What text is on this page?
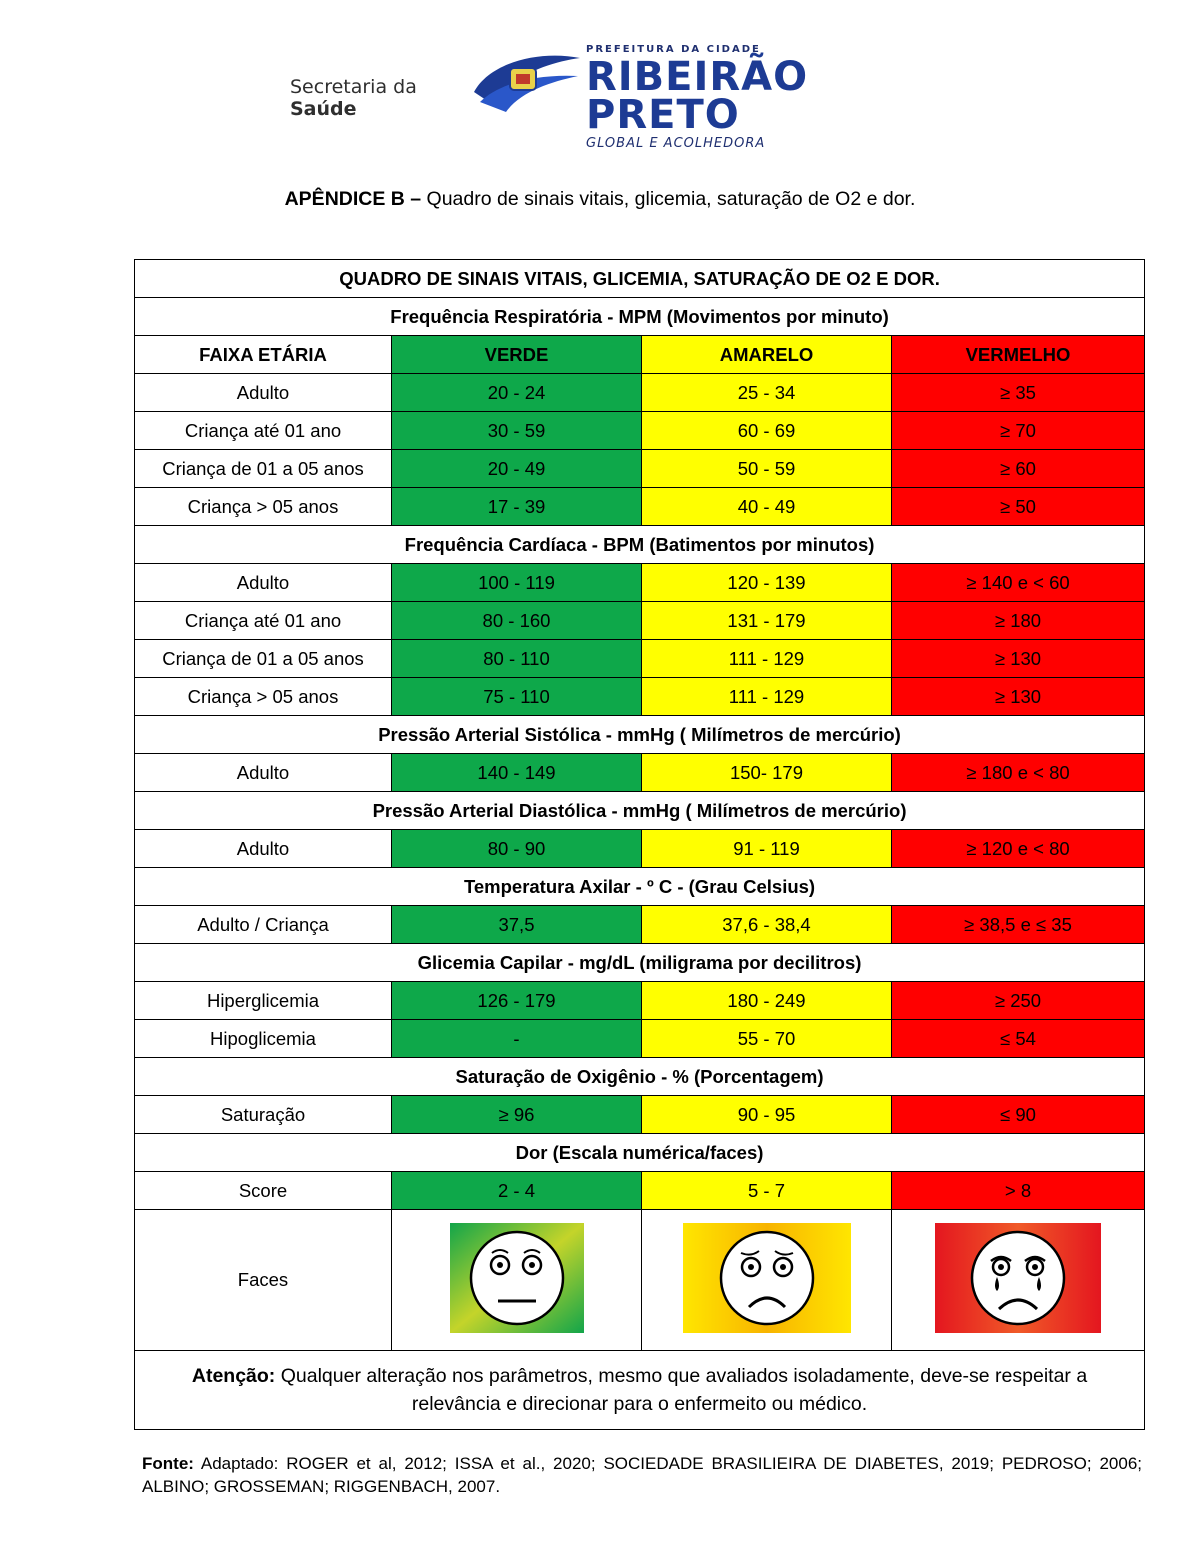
Secretaria da
Saúde
PREFEITURA DA CIDADE
RIBEIRÃO
PRETO
GLOBAL E ACOLHEDORA
APÊNDICE B – Quadro de sinais vitais, glicemia, saturação de O2 e dor.
QUADRO DE SINAIS VITAIS, GLICEMIA, SATURAÇÃO DE O2 E DOR.			
Frequência Respiratória - MPM (Movimentos por minuto)			
FAIXA ETÁRIA	VERDE	AMARELO	VERMELHO
Adulto	20 - 24	25 - 34	≥ 35
Criança até 01 ano	30 - 59	60 - 69	≥ 70
Criança de 01 a 05 anos	20 - 49	50 - 59	≥ 60
Criança > 05 anos	17 - 39	40 - 49	≥ 50
Frequência Cardíaca - BPM (Batimentos por minutos)			
Adulto	100 - 119	120 - 139	≥ 140 e < 60
Criança até 01 ano	80 - 160	131 - 179	≥ 180
Criança de 01 a 05 anos	80 - 110	111 - 129	≥ 130
Criança > 05 anos	75 - 110	111 - 129	≥ 130
Pressão Arterial Sistólica - mmHg ( Milímetros de mercúrio)			
Adulto	140 - 149	150- 179	≥ 180 e < 80
Pressão Arterial Diastólica - mmHg ( Milímetros de mercúrio)			
Adulto	80 - 90	91 - 119	≥ 120 e < 80
Temperatura Axilar - º C - (Grau Celsius)			
Adulto / Criança	37,5	37,6 - 38,4	≥ 38,5 e ≤ 35
Glicemia Capilar - mg/dL (miligrama por decilitros)			
Hiperglicemia	126 - 179	180 - 249	≥ 250
Hipoglicemia	-	55 - 70	≤ 54
Saturação de Oxigênio - % (Porcentagem)			
Saturação	≥ 96	90 - 95	≤ 90
Dor (Escala numérica/faces)			
Score	2 - 4	5 - 7	> 8
Faces			
Atenção: Qualquer alteração nos parâmetros, mesmo que avaliados isoladamente, deve-se respeitar a relevância e direcionar para o enfermeito ou médico.			
Fonte: Adaptado: ROGER et al, 2012; ISSA et al., 2020; SOCIEDADE BRASILIEIRA DE DIABETES, 2019; PEDROSO; 2006; ALBINO; GROSSEMAN; RIGGENBACH, 2007.
